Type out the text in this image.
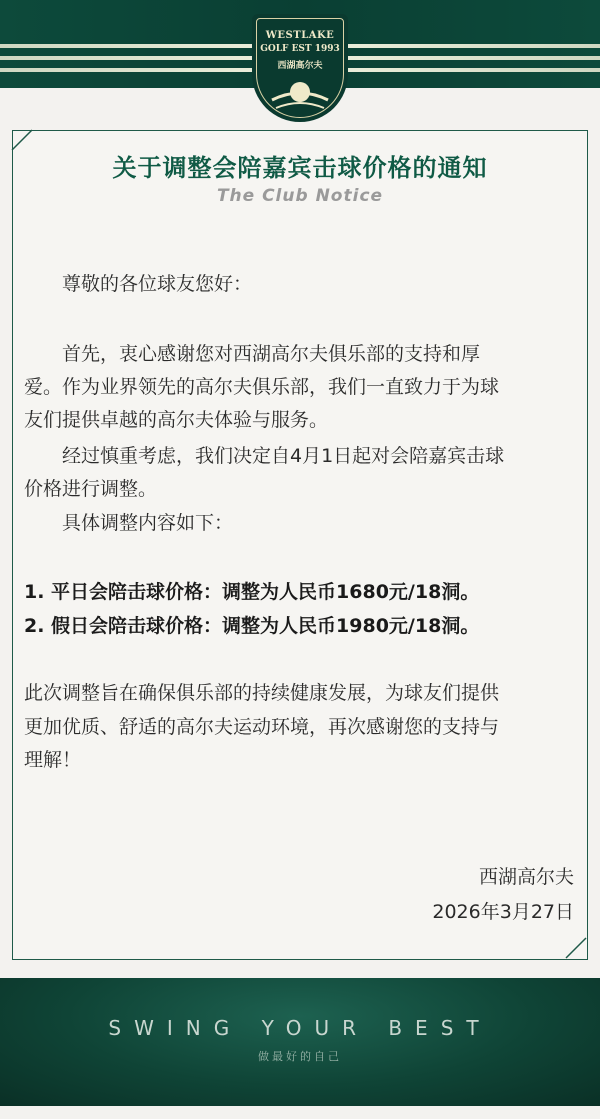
WESTLAKE
GOLF EST 1993
西湖高尔夫
关于调整会陪嘉宾击球价格的通知
The Club Notice
　　尊敬的各位球友您好：
　　首先，衷心感谢您对西湖高尔夫俱乐部的支持和厚
爱。作为业界领先的高尔夫俱乐部，我们一直致力于为球
友们提供卓越的高尔夫体验与服务。
　　经过慎重考虑，我们决定自4月1日起对会陪嘉宾击球
价格进行调整。
　　具体调整内容如下：
1. 平日会陪击球价格：调整为人民币1680元/18洞。
2. 假日会陪击球价格：调整为人民币1980元/18洞。
此次调整旨在确保俱乐部的持续健康发展，为球友们提供
更加优质、舒适的高尔夫运动环境，再次感谢您的支持与
理解！
西湖高尔夫
2026年3月27日
SWING YOUR BEST
做最好的自己
